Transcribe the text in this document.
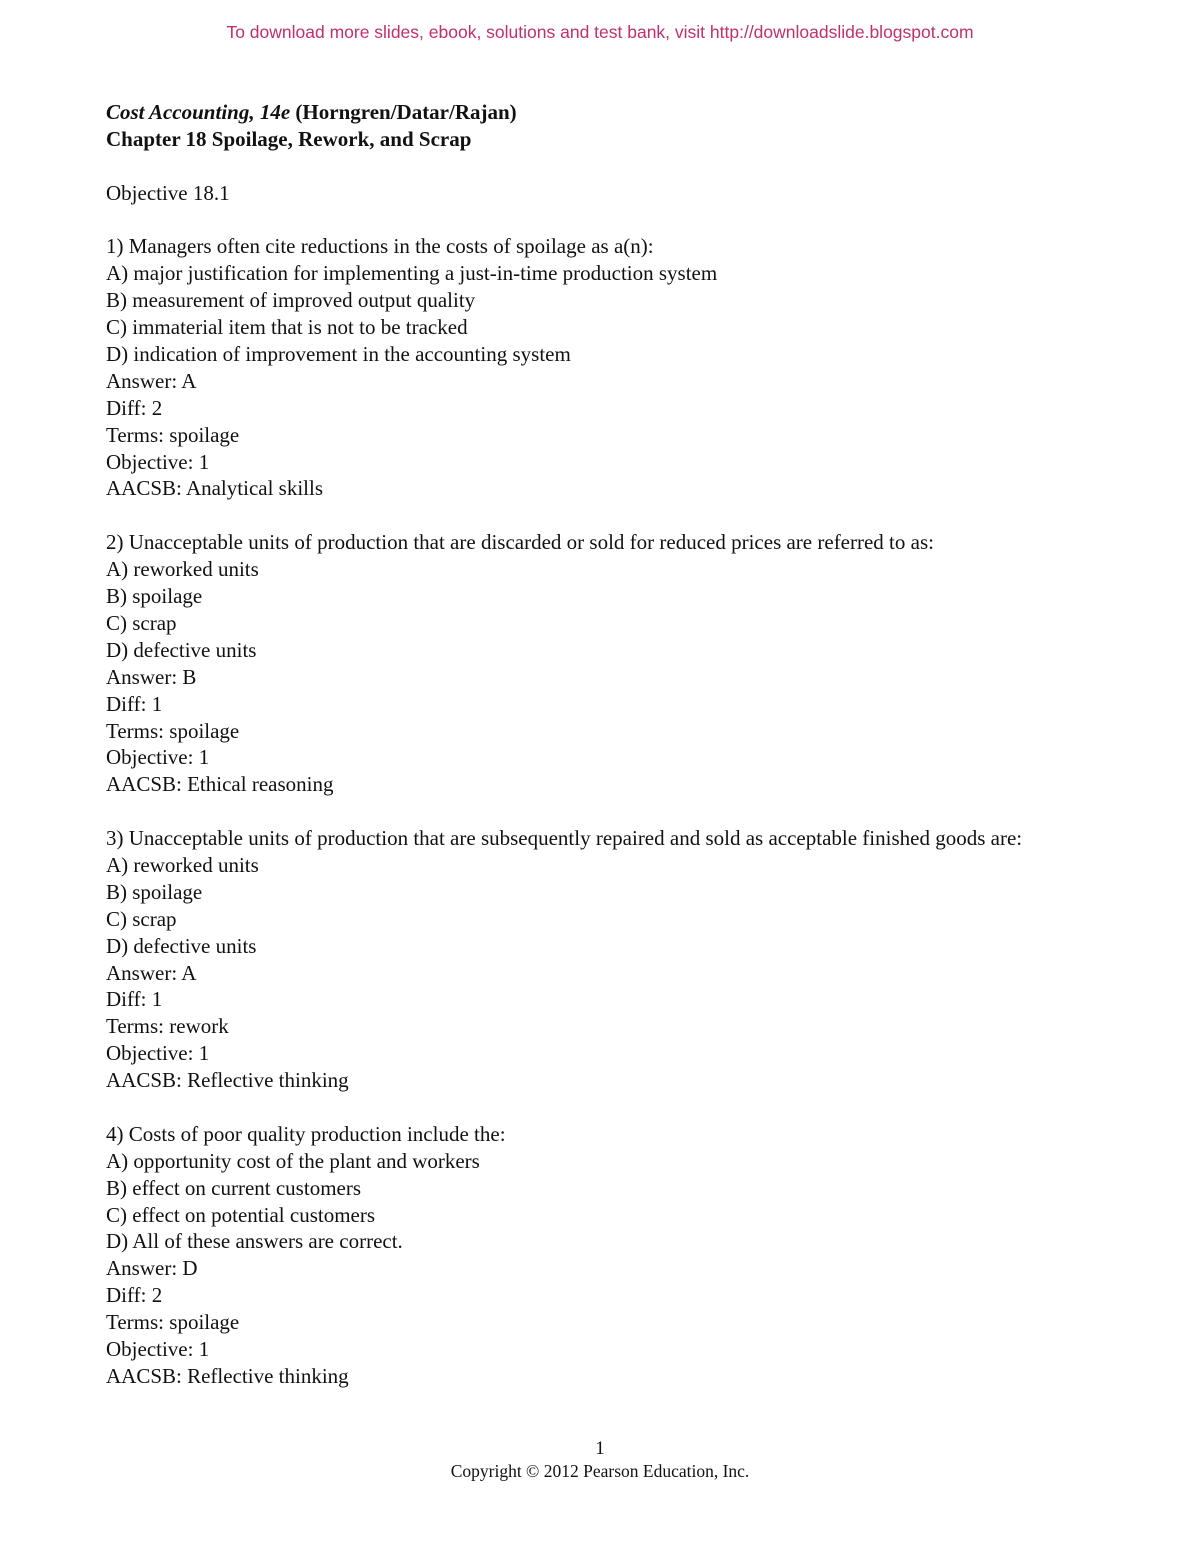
To download more slides, ebook, solutions and test bank, visit http://downloadslide.blogspot.com
Cost Accounting, 14e (Horngren/Datar/Rajan)
Chapter 18 Spoilage, Rework, and Scrap
Objective 18.1
1) Managers often cite reductions in the costs of spoilage as a(n):
A) major justification for implementing a just-in-time production system
B) measurement of improved output quality
C) immaterial item that is not to be tracked
D) indication of improvement in the accounting system
Answer: A
Diff: 2
Terms: spoilage
Objective: 1
AACSB: Analytical skills
2) Unacceptable units of production that are discarded or sold for reduced prices are referred to as:
A) reworked units
B) spoilage
C) scrap
D) defective units
Answer: B
Diff: 1
Terms: spoilage
Objective: 1
AACSB: Ethical reasoning
3) Unacceptable units of production that are subsequently repaired and sold as acceptable finished goods are:
A) reworked units
B) spoilage
C) scrap
D) defective units
Answer: A
Diff: 1
Terms: rework
Objective: 1
AACSB: Reflective thinking
4) Costs of poor quality production include the:
A) opportunity cost of the plant and workers
B) effect on current customers
C) effect on potential customers
D) All of these answers are correct.
Answer: D
Diff: 2
Terms: spoilage
Objective: 1
AACSB: Reflective thinking
1
Copyright © 2012 Pearson Education, Inc.
